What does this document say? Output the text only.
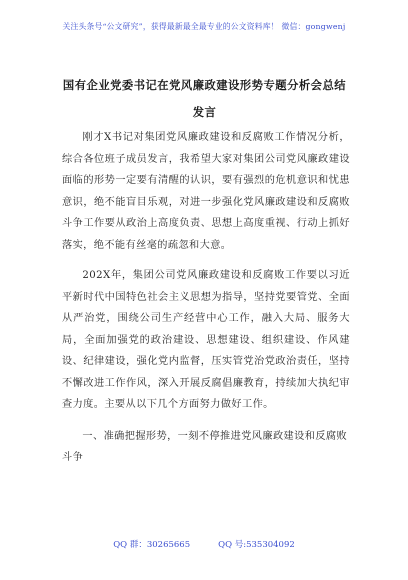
关注头条号“公文研究”，获得最新最全最专业的公文资料库！ 微信：gongwenj
国有企业党委书记在党风廉政建设形势专题分析会总结发言

刚才X书记对集团党风廉政建设和反腐败工作情况分析，综合各位班子成员发言，我希望大家对集团公司党风廉政建设面临的形势一定要有清醒的认识，要有强烈的危机意识和忧患意识，绝不能盲目乐观，对进一步强化党风廉政建设和反腐败斗争工作要从政治上高度负责、思想上高度重视、行动上抓好落实，绝不能有丝毫的疏忽和大意。

202X年，集团公司党风廉政建设和反腐败工作要以习近平新时代中国特色社会主义思想为指导，坚持党要管党、全面从严治党，围绕公司生产经营中心工作，融入大局、服务大局，全面加强党的政治建设、思想建设、组织建设、作风建设、纪律建设，强化党内监督，压实管党治党政治责任，坚持不懈改进工作作风，深入开展反腐倡廉教育，持续加大执纪审查力度。主要从以下几个方面努力做好工作。

一、准确把握形势，一刻不停推进党风廉政建设和反腐败斗争

QQ 群：30265665	QQ 号:535304092
